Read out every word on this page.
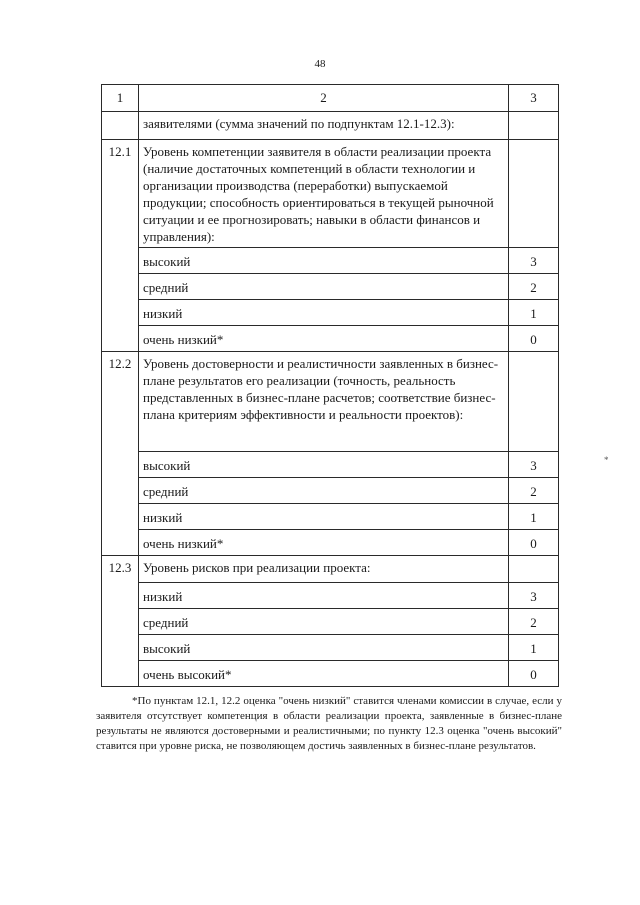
48
1	2	3
	заявителями (сумма значений по подпунктам 12.1-12.3):	
12.1	Уровень компетенции заявителя в области реализации проекта (наличие достаточных компетенций в области технологии и организации производства (переработки) выпускаемой продукции; способность ориентироваться в текущей рыночной ситуации и ее прогнозировать; навыки в области финансов и управления):	
	высокий	3
	средний	2
	низкий	1
	очень низкий*	0
12.2	Уровень достоверности и реалистичности заявленных в бизнес-плане результатов его реализации (точность, реальность представленных в бизнес-плане расчетов; соответствие бизнес-плана критериям эффективности и реальности проектов):	
	высокий	3
	средний	2
	низкий	1
	очень низкий*	0
12.3	Уровень рисков при реализации проекта:	
	низкий	3
	средний	2
	высокий	1
	очень высокий*	0
*
*По пунктам 12.1, 12.2 оценка "очень низкий" ставится членами комиссии в случае, если у заявителя отсутствует компетенция в области реализации проекта, заявленные в бизнес-плане результаты не являются достоверными и реалистичными; по пункту 12.3 оценка "очень высокий" ставится при уровне риска, не позволяющем достичь заявленных в бизнес-плане результатов.
